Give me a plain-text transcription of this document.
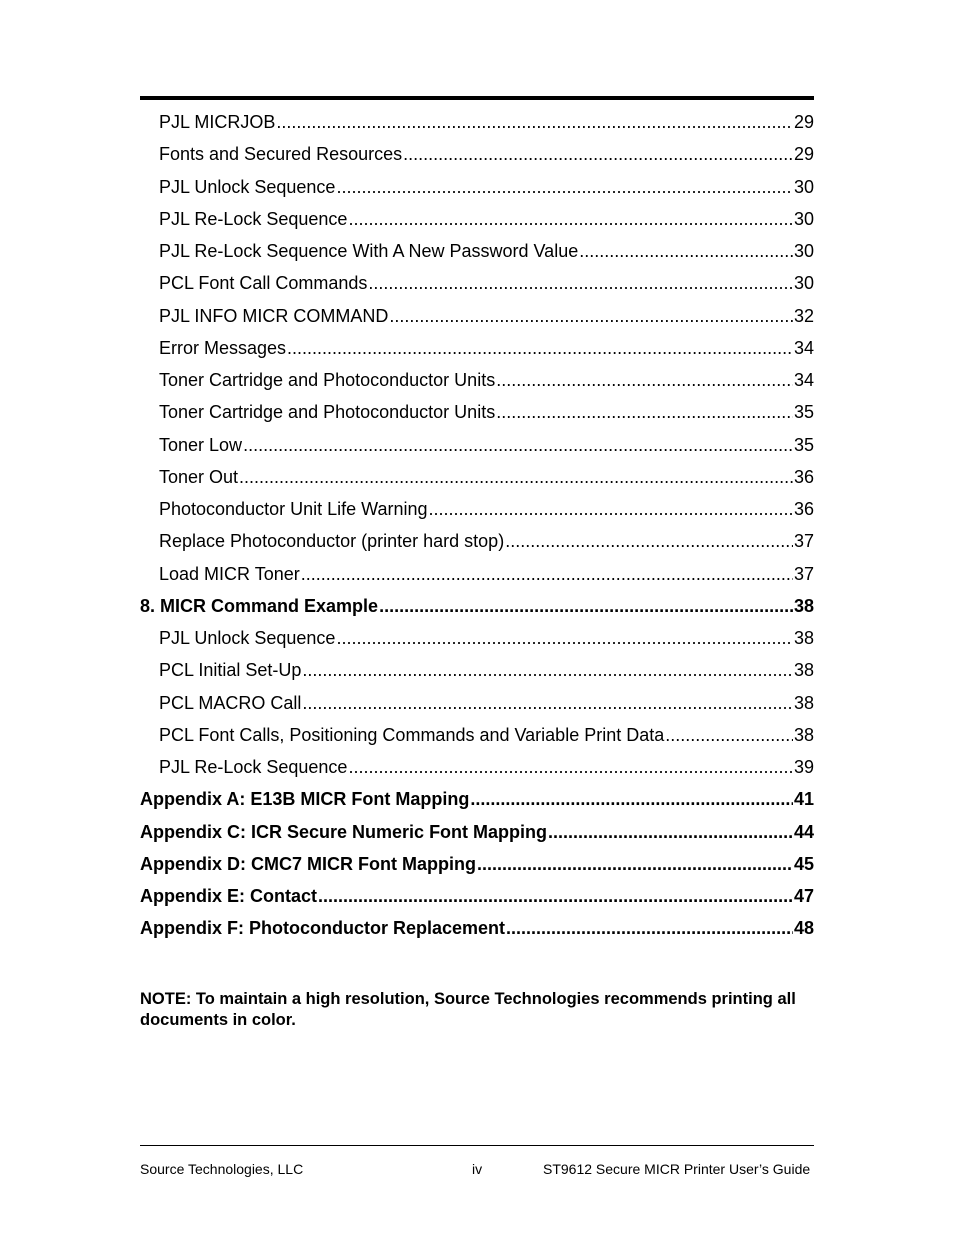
PJL MICRJOB .....	29
Fonts and Secured Resources .....	29
PJL Unlock Sequence .....	30
PJL Re-Lock Sequence .....	30
PJL Re-Lock Sequence With A New Password Value .....	30
PCL Font Call Commands .....	30
PJL INFO MICR COMMAND .....	32
Error Messages .....	34
Toner Cartridge and Photoconductor Units .....	34
Toner Cartridge and Photoconductor Units .....	35
Toner Low .....	35
Toner Out .....	36
Photoconductor Unit Life Warning .....	36
Replace Photoconductor (printer hard stop) .....	37
Load MICR Toner .....	37
8. MICR Command Example .....	38
PJL Unlock Sequence .....	38
PCL Initial Set-Up .....	38
PCL MACRO Call .....	38
PCL Font Calls, Positioning Commands and Variable Print Data .....	38
PJL Re-Lock Sequence .....	39
Appendix A: E13B MICR Font Mapping .....	41
Appendix C: ICR Secure Numeric Font Mapping .....	44
Appendix D: CMC7 MICR Font Mapping .....	45
Appendix E: Contact .....	47
Appendix F: Photoconductor Replacement .....	48
NOTE: To maintain a high resolution, Source Technologies recommends printing all documents in color.
Source Technologies, LLC	iv	ST9612 Secure MICR Printer User’s Guide
